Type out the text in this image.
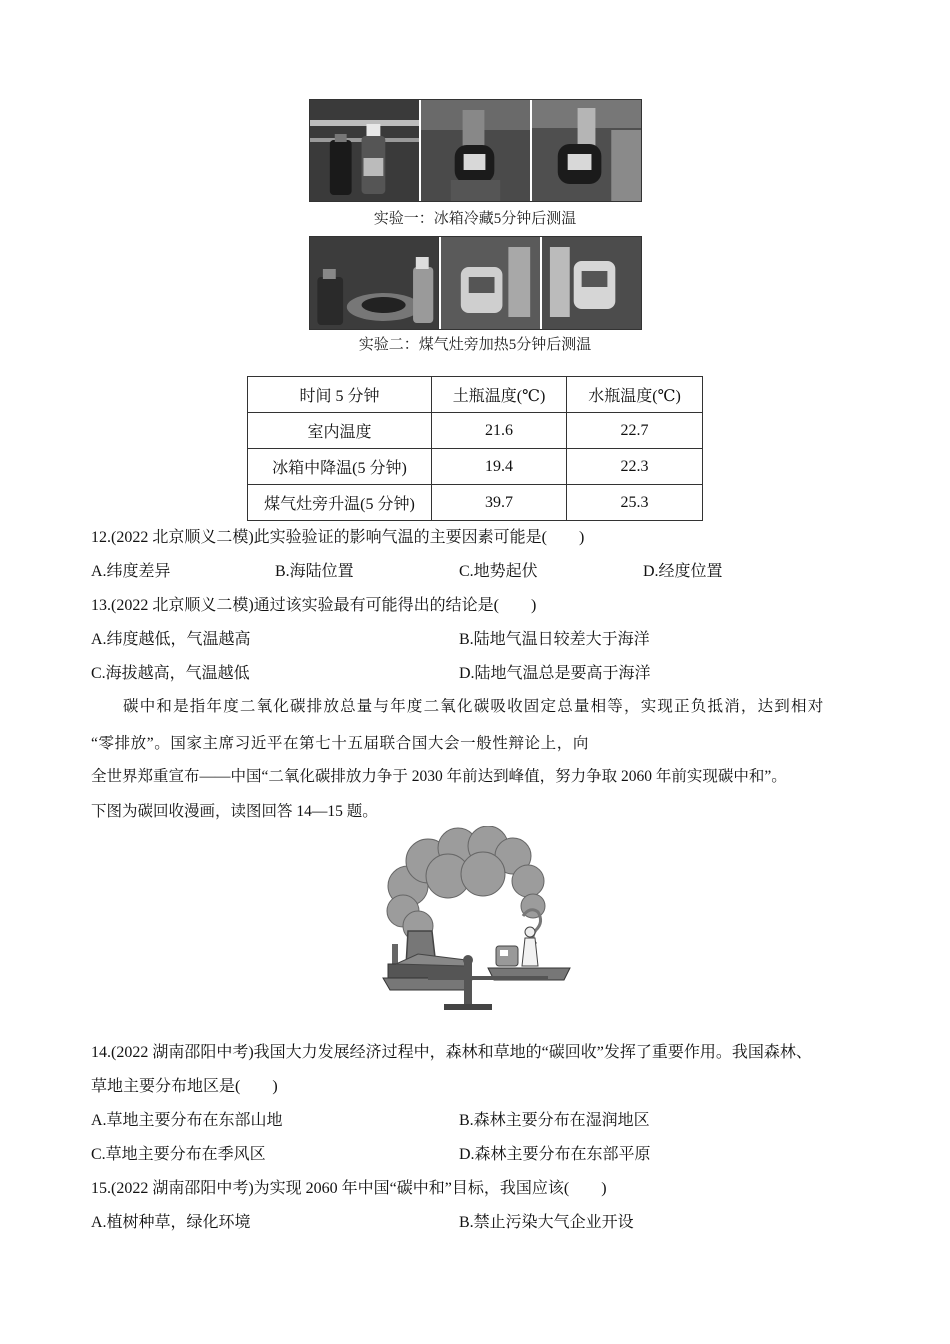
实验一：冰箱冷藏5分钟后测温
实验二：煤气灶旁加热5分钟后测温
时间 5 分钟	土瓶温度(℃)	水瓶温度(℃)
室内温度	21.6	22.7
冰箱中降温(5 分钟)	19.4	22.3
煤气灶旁升温(5 分钟)	39.7	25.3
12.(2022 北京顺义二模)此实验验证的影响气温的主要因素可能是(　　)
A.纬度差异	B.海陆位置	C.地势起伏	D.经度位置
13.(2022 北京顺义二模)通过该实验最有可能得出的结论是(　　)
A.纬度越低，气温越高	B.陆地气温日较差大于海洋
C.海拔越高，气温越低	D.陆地气温总是要高于海洋
碳中和是指年度二氧化碳排放总量与年度二氧化碳吸收固定总量相等，实现正负抵消，达到相对
“零排放”。国家主席习近平在第七十五届联合国大会一般性辩论上，向
全世界郑重宣布——中国“二氧化碳排放力争于 2030 年前达到峰值，努力争取 2060 年前实现碳中和”。
下图为碳回收漫画，读图回答 14—15 题。
14.(2022 湖南邵阳中考)我国大力发展经济过程中，森林和草地的“碳回收”发挥了重要作用。我国森林、
草地主要分布地区是(　　)
A.草地主要分布在东部山地	B.森林主要分布在湿润地区
C.草地主要分布在季风区	D.森林主要分布在东部平原
15.(2022 湖南邵阳中考)为实现 2060 年中国“碳中和”目标，我国应该(　　)
A.植树种草，绿化环境	B.禁止污染大气企业开设
